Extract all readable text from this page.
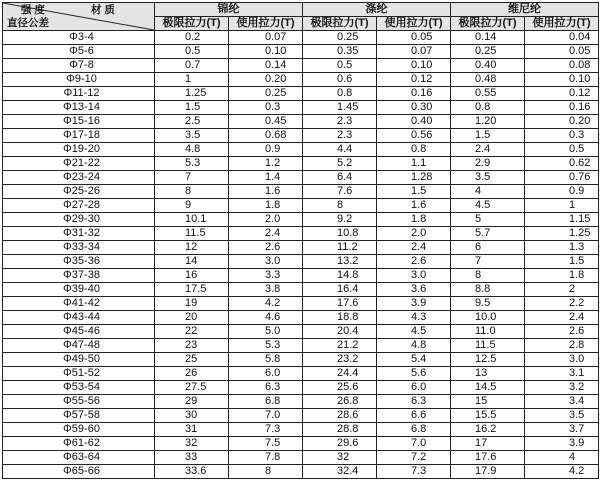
强 度 材 质
直径公差	锦纶		涤纶		维尼纶	
	极限拉力(T)	使用拉力(T)	极限拉力(T)	使用拉力(T)	极限拉力(T)	使用拉力(T)
Φ3-4	0.2	0.07	0.25	0.05	0.14	0.04
Φ5-6	0.5	0.10	0.35	0.07	0.25	0.05
Φ7-8	0.7	0.14	0.5	0.10	0.40	0.08
Φ9-10	1	0.20	0.6	0.12	0.48	0.10
Φ11-12	1.25	0.25	0.8	0.16	0.55	0.12
Φ13-14	1.5	0.3	1.45	0.30	0.8	0.16
Φ15-16	2.5	0.45	2.3	0.40	1.20	0.20
Φ17-18	3.5	0.68	2.3	0.56	1.5	0.3
Φ19-20	4.8	0.9	4.4	0.8	2.4	0.5
Φ21-22	5.3	1.2	5.2	1.1	2.9	0.62
Φ23-24	7	1.4	6.4	1.28	3.5	0.76
Φ25-26	8	1.6	7.6	1.5	4	0.9
Φ27-28	9	1.8	8	1.6	4.5	1
Φ29-30	10.1	2.0	9.2	1.8	5	1.15
Φ31-32	11.5	2.4	10.8	2.0	5.7	1.25
Φ33-34	12	2.6	11.2	2.4	6	1.3
Φ35-36	14	3.0	13.2	2.6	7	1.5
Φ37-38	16	3.3	14.8	3.0	8	1.8
Φ39-40	17.5	3.8	16.4	3.6	8.8	2
Φ41-42	19	4.2	17.6	3.9	9.5	2.2
Φ43-44	20	4.6	18.8	4.3	10.0	2.4
Φ45-46	22	5.0	20.4	4.5	11.0	2.6
Φ47-48	23	5.3	21.2	4.8	11.5	2.8
Φ49-50	25	5.8	23.2	5.4	12.5	3.0
Φ51-52	26	6.0	24.4	5.6	13	3.1
Φ53-54	27.5	6.3	25.6	6.0	14.5	3.2
Φ55-56	29	6.8	26.8	6.3	15	3.4
Φ57-58	30	7.0	28.6	6.6	15.5	3.5
Φ59-60	31	7.3	28.8	6.8	16.2	3.7
Φ61-62	32	7.5	29.6	7.0	17	3.9
Φ63-64	33	7.8	32	7.2	17.6	4
Φ65-66	33.6	8	32.4	7.3	17.9	4.2
